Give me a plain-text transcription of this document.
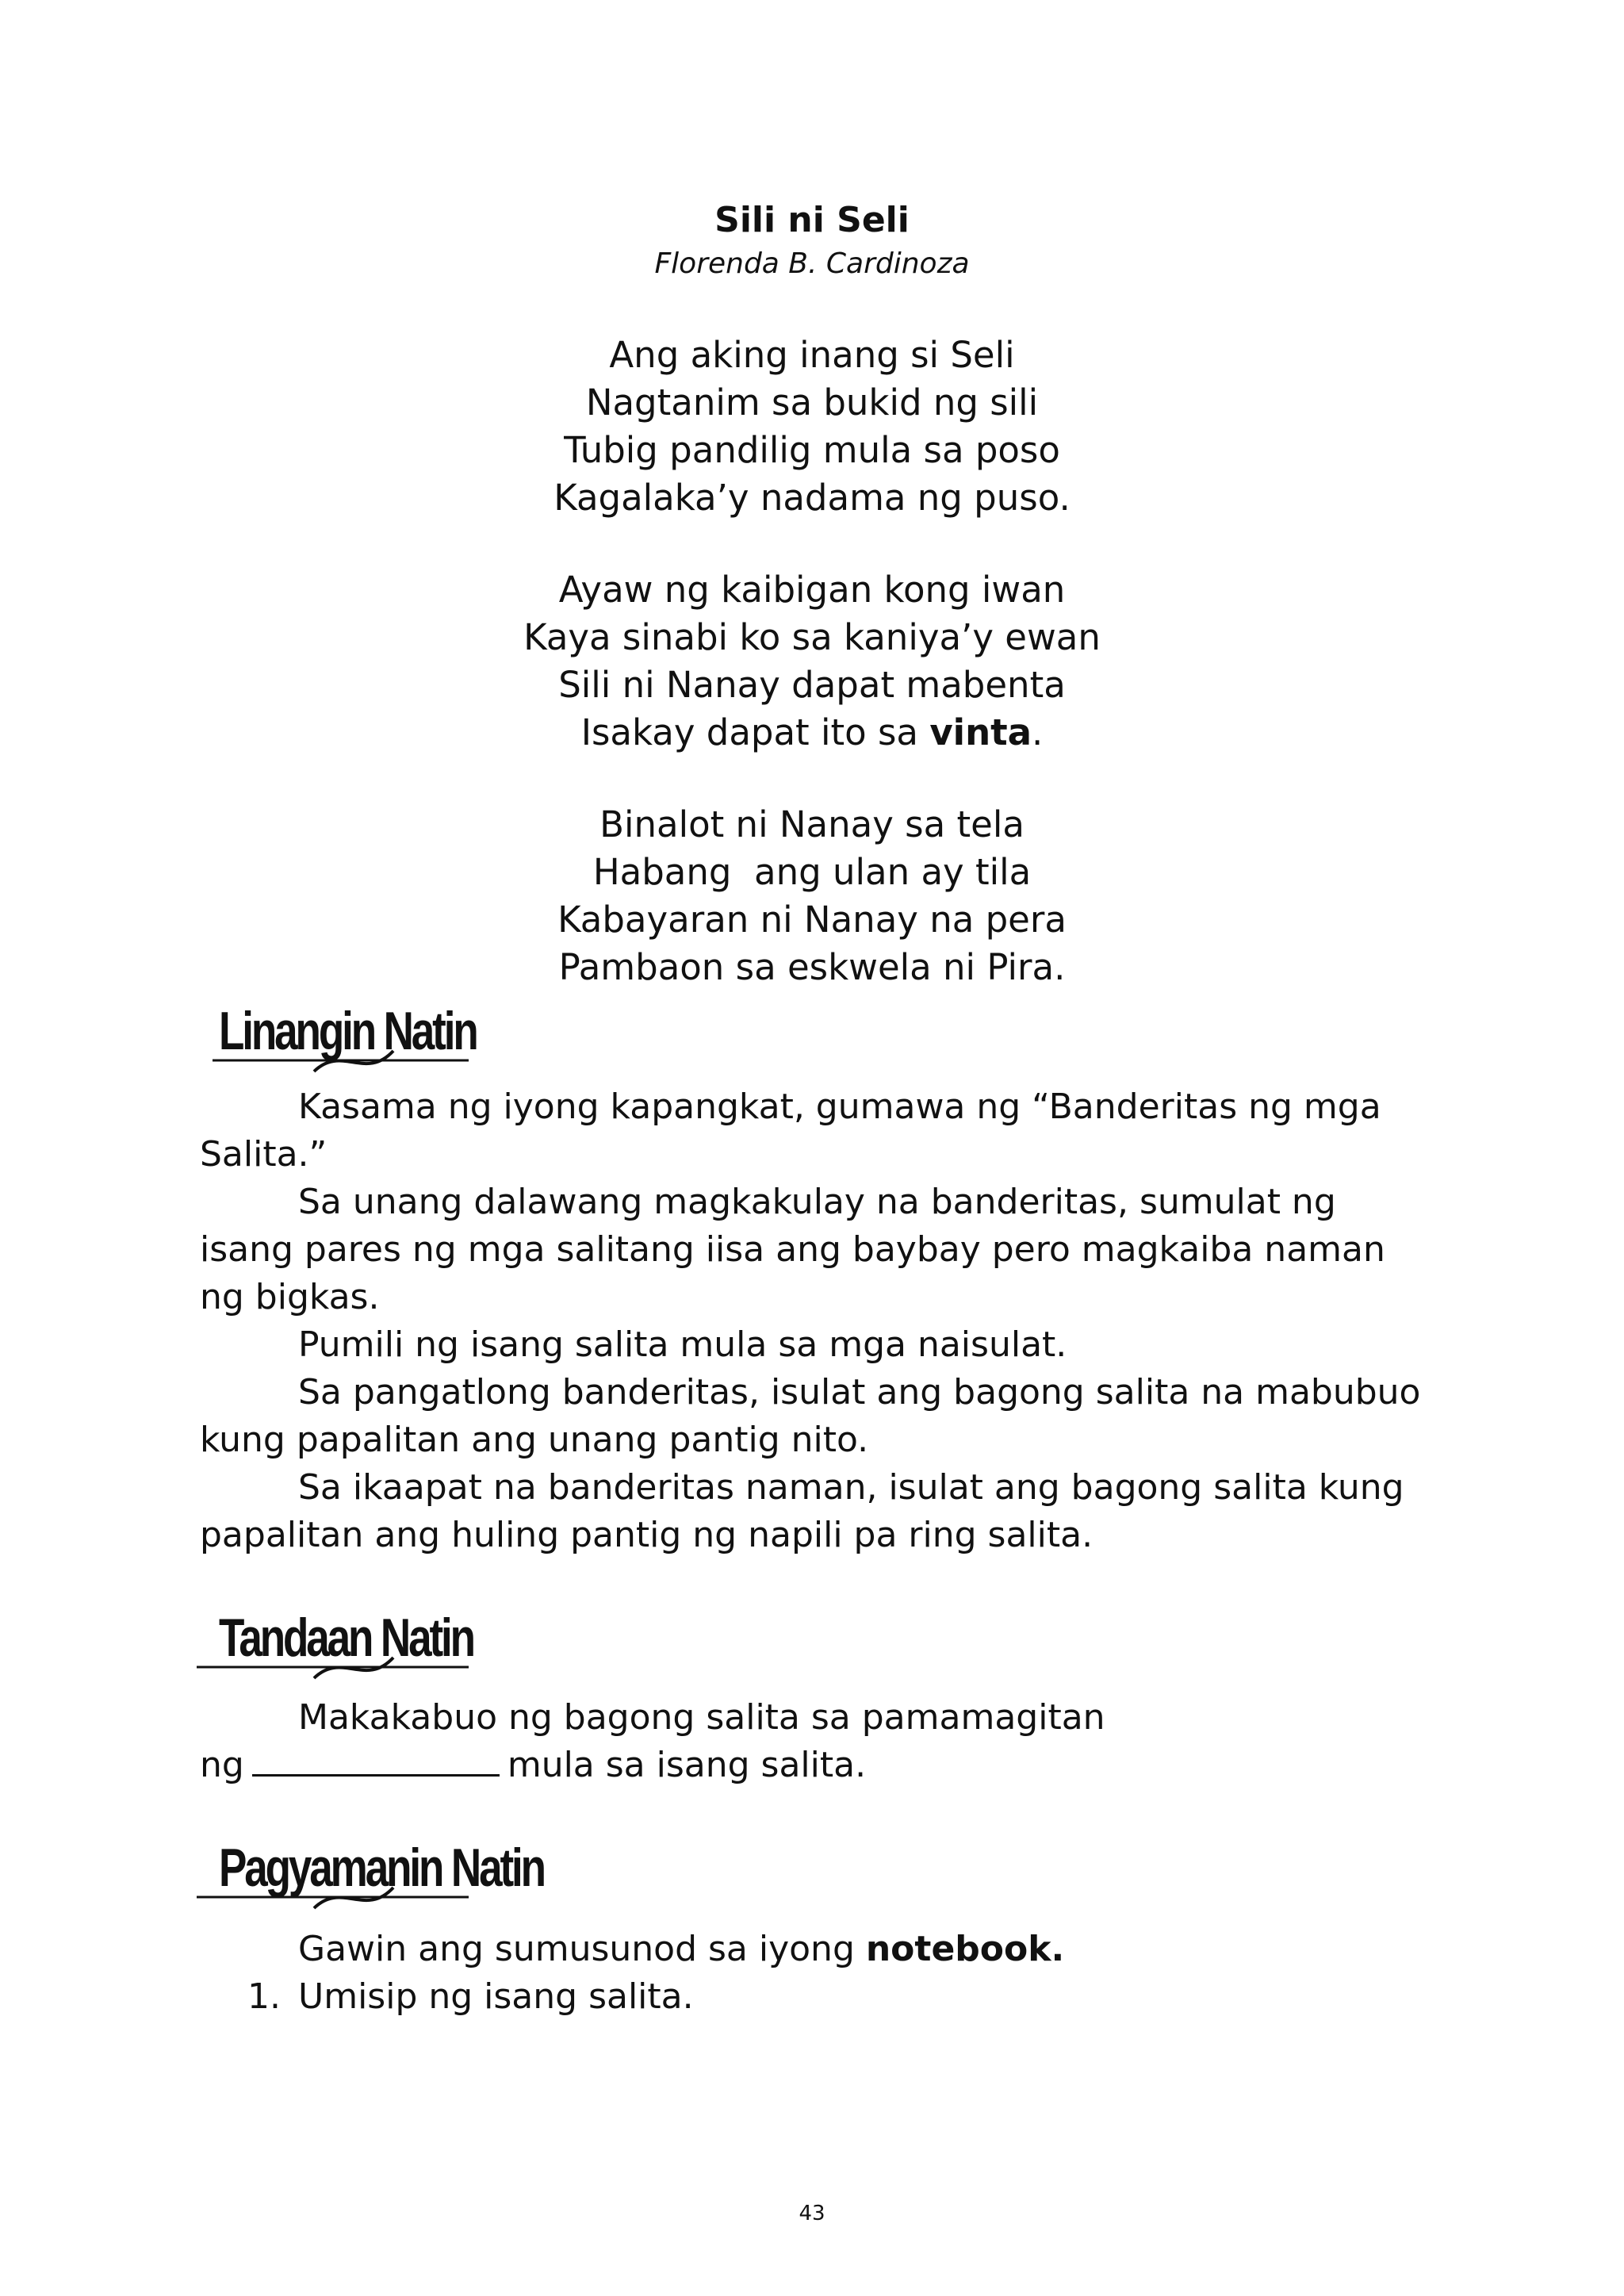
Sili ni Seli
Florenda B. Cardinoza
Ang aking inang si Seli
Nagtanim sa bukid ng sili
Tubig pandilig mula sa poso
Kagalaka’y nadama ng puso.
Ayaw ng kaibigan kong iwan
Kaya sinabi ko sa kaniya’y ewan
Sili ni Nanay dapat mabenta
Isakay dapat ito sa vinta.
Binalot ni Nanay sa tela
Habang  ang ulan ay tila
Kabayaran ni Nanay na pera
Pambaon sa eskwela ni Pira.
Linangin Natin

Kasama ng iyong kapangkat, gumawa ng “Banderitas ng mga Salita.”

Sa unang dalawang magkakulay na banderitas, sumulat ng isang pares ng mga salitang iisa ang baybay pero magkaiba naman ng bigkas.

Pumili ng isang salita mula sa mga naisulat.

Sa pangatlong banderitas, isulat ang bagong salita na mabubuo kung papalitan ang unang pantig nito.

Sa ikaapat na banderitas naman, isulat ang bagong salita kung papalitan ang huling pantig ng napili pa ring salita.

Tandaan Natin

Makakabuo ng bagong salita sa pamamagitan

ng	mula sa isang salita.
Pagyamanin Natin

Gawin ang sumusunod sa iyong notebook.

1. Umisip ng isang salita.
43
